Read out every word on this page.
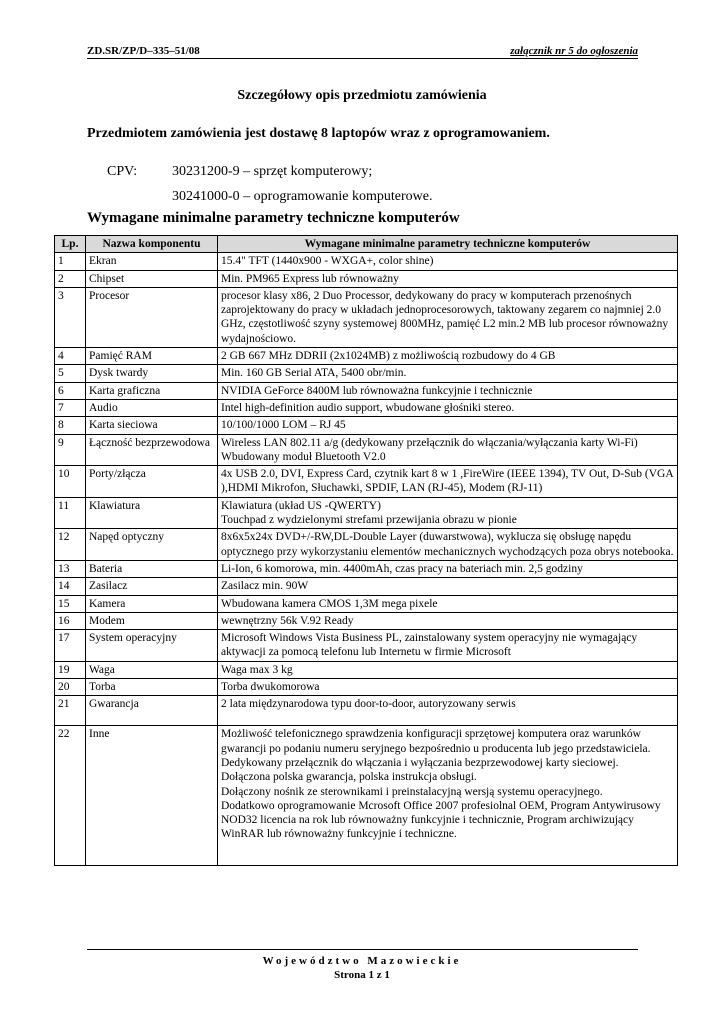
ZD.SR/ZP/D–335–51/08	załącznik nr 5 do ogłoszenia
Szczegółowy opis przedmiotu zamówienia
Przedmiotem zamówienia jest dostawę 8 laptopów wraz z oprogramowaniem.
CPV: 30231200-9 – sprzęt komputerowy;
30241000-0 – oprogramowanie komputerowe.
Wymagane minimalne parametry techniczne komputerów
Lp.	Nazwa komponentu	Wymagane minimalne parametry techniczne komputerów
1	Ekran	15.4" TFT (1440x900 - WXGA+, color shine)
2	Chipset	Min. PM965 Express lub równoważny
3	Procesor	procesor klasy x86, 2 Duo Processor, dedykowany do pracy w komputerach przenośnych zaprojektowany do pracy w układach jednoprocesorowych, taktowany zegarem co najmniej 2.0 GHz, częstotliwość szyny systemowej 800MHz, pamięć L2 min.2 MB lub procesor równoważny wydajnościowo.
4	Pamięć RAM	2 GB 667 MHz DDRII (2x1024MB) z możliwością rozbudowy do 4 GB
5	Dysk twardy	Min. 160 GB Serial ATA, 5400 obr/min.
6	Karta graficzna	NVIDIA GeForce 8400M lub równoważna funkcyjnie i technicznie
7	Audio	Intel high-definition audio support, wbudowane głośniki stereo.
8	Karta sieciowa	10/100/1000 LOM – RJ 45
9	Łączność bezprzewodowa	Wireless LAN 802.11 a/g (dedykowany przełącznik do włączania/wyłączania karty Wi-Fi) Wbudowany moduł Bluetooth V2.0
10	Porty/złącza	4x USB 2.0, DVI, Express Card, czytnik kart 8 w 1 ,FireWire (IEEE 1394), TV Out, D-Sub (VGA ),HDMI Mikrofon, Słuchawki, SPDIF, LAN (RJ-45), Modem (RJ-11)
11	Klawiatura	Klawiatura (układ US -QWERTY)
Touchpad z wydzielonymi strefami przewijania obrazu w pionie
12	Napęd optyczny	8x6x5x24x DVD+/-RW,DL-Double Layer (duwarstwowa), wyklucza się obsługę napędu optycznego przy wykorzystaniu elementów mechanicznych wychodzących poza obrys notebooka.
13	Bateria	Li-Ion, 6 komorowa, min. 4400mAh, czas pracy na bateriach min. 2,5 godziny
14	Zasilacz	Zasilacz min. 90W
15	Kamera	Wbudowana kamera CMOS 1,3M mega pixele
16	Modem	wewnętrzny 56k V.92 Ready
17	System operacyjny	Microsoft Windows Vista Business PL, zainstalowany system operacyjny nie wymagający aktywacji za pomocą telefonu lub Internetu w firmie Microsoft
19	Waga	Waga max 3 kg
20	Torba	Torba dwukomorowa
21	Gwarancja	2 lata międzynarodowa typu door-to-door, autoryzowany serwis
22	Inne	Możliwość telefonicznego sprawdzenia konfiguracji sprzętowej komputera oraz warunków gwarancji po podaniu numeru seryjnego bezpośrednio u producenta lub jego przedstawiciela.
Dedykowany przełącznik do włączania i wyłączania bezprzewodowej karty sieciowej.
Dołączona polska gwarancja, polska instrukcja obsługi.
Dołączony nośnik ze sterownikami i preinstalacyjną wersją systemu operacyjnego.
Dodatkowo oprogramowanie Mcrosoft Office 2007 profesiolnal OEM, Program Antywirusowy NOD32 licencia na rok lub równoważny funkcyjnie i technicznie, Program archiwizujący WinRAR lub równoważny funkcyjnie i techniczne.
Województwo Mazowieckie
Strona 1 z 1
